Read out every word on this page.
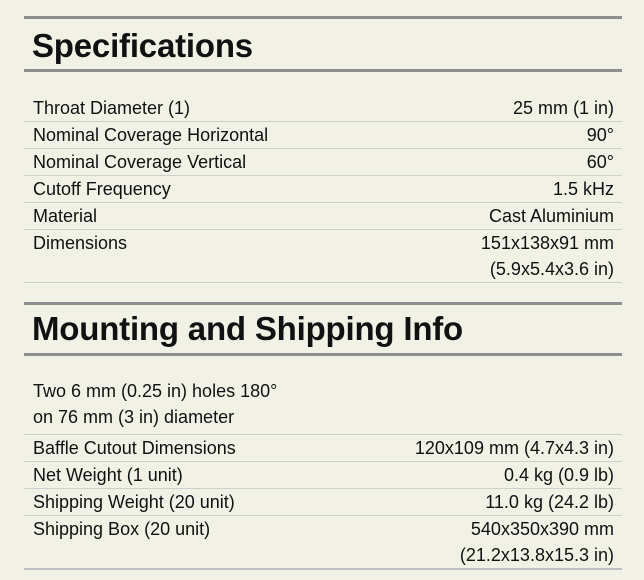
Specifications
Throat Diameter (1)	25 mm (1 in)
Nominal Coverage Horizontal	90°
Nominal Coverage Vertical	60°
Cutoff Frequency	1.5 kHz
Material	Cast Aluminium
Dimensions	151x138x91 mm
(5.9x5.4x3.6 in)
Mounting and Shipping Info
Two 6 mm (0.25 in) holes 180°
on 76 mm (3 in) diameter
Baffle Cutout Dimensions	120x109 mm (4.7x4.3 in)
Net Weight (1 unit)	0.4 kg (0.9 lb)
Shipping Weight (20 unit)	11.0 kg (24.2 lb)
Shipping Box (20 unit)	540x350x390 mm
(21.2x13.8x15.3 in)
